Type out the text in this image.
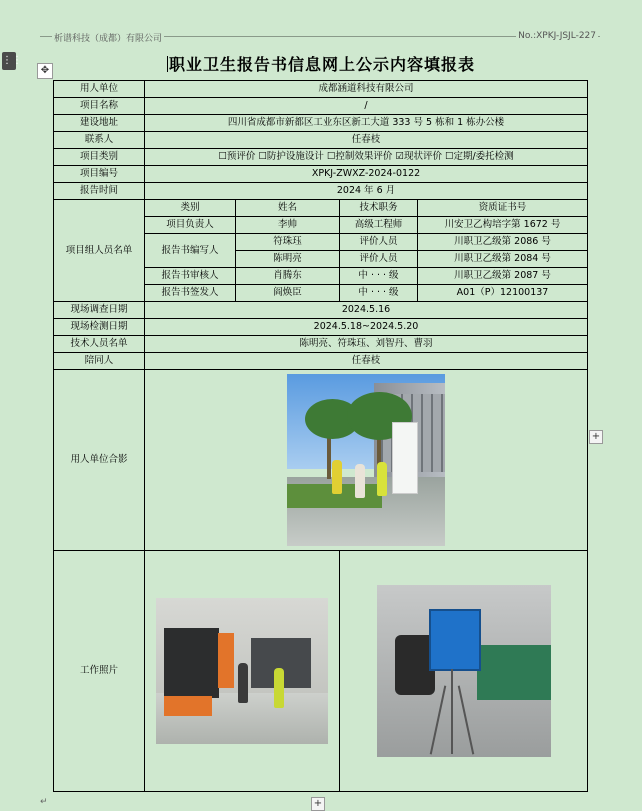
析谱科技（成都）有限公司	No.:XPKJ-JSJL-227
⋮⋮
✥	职业卫生报告书信息网上公示内容填报表
用人单位	成都涵道科技有限公司			
项目名称	/			
建设地址	四川省成都市新都区工业东区新工大道 333 号 5 栋和 1 栋办公楼			
联系人	任春枝			
项目类别	☐预评价 ☐防护设施设计 ☐控制效果评价 ☑现状评价 ☐定期/委托检测			
项目编号	XPKJ-ZWXZ-2024-0122			
报告时间	2024 年 6 月			
项目组人员名单	类别	姓名	技术职务	资质证书号
	项目负责人	李帅	高级工程师	川安卫乙构培字第 1672 号
	报告书编写人	符珠珏	评价人员	川职卫乙级第 2086 号
		陈明亮	评价人员	川职卫乙级第 2084 号
	报告书审核人	肖腾东	中 · · · 级	川职卫乙级第 2087 号
	报告书签发人	阎焕臣	中 · · · 级	A01（P）12100137
现场调查日期	2024.5.16			
现场检测日期	2024.5.18~2024.5.20			
技术人员名单	陈明亮、符珠珏、刘智丹、曹羽			
陪同人	任春枝			
用人单位合影				

工作照片			

+
+
↵
